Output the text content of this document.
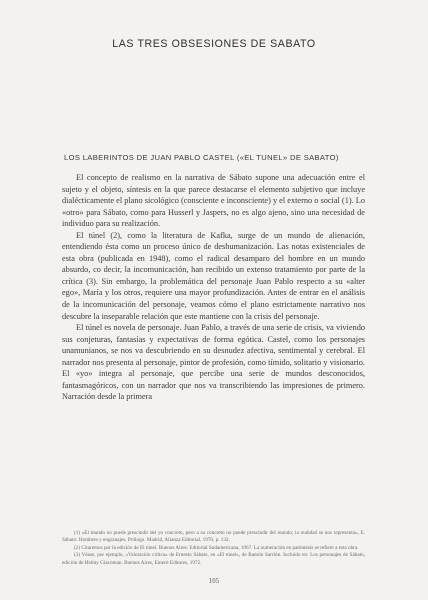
LAS TRES OBSESIONES DE SABATO
LOS LABERINTOS DE JUAN PABLO CASTEL («EL TUNEL» DE SABATO)

El concepto de realismo en la narrativa de Sábato supone una adecuación entre el sujeto y el objeto, síntesis en la que parece destacarse el elemento subjetivo que incluye dialécticamente el plano sicológico (consciente e inconsciente) y el externo o social (1). Lo «otro» para Sábato, como para Husserl y Jaspers, no es algo ajeno, sino una necesidad de individuo para su realización.

El túnel (2), como la literatura de Kafka, surge de un mundo de alienación, entendiendo ésta como un proceso único de deshumanización. Las notas existenciales de esta obra (publicada en 1948), como el radical desamparo del hombre en un mundo absurdo, co decir, la incomunicación, han recibido un extenso tratamiento por parte de la crítica (3). Sin embargo, la problemática del personaje Juan Pablo respecto a su «alter ego», María y los otros, requiere una mayor profundización. Antes de entrar en el análisis de la incomunicación del personaje, veamos cómo el plano estrictamente narrativo nos descubre la inseparable relación que este mantiene con la crisis del personaje.

El túnel es novela de personaje. Juan Pablo, a través de una serie de crisis, va viviendo sus conjeturas, fantasías y expectativas de forma egótica. Castel, como los personajes unamunianos, se nos va descubriendo en su desnudez afectiva, sentimental y cerebral. El narrador nos presenta al personaje, pintor de profesión, como tímido, solitario y visionario. El «yo» integra al personaje, que percibe una serie de mundos desconocidos, fantasmagóricos, con un narrador que nos va transcribiendo las impresiones de primero. Narración desde la primera

(1) «El mundo no puede prescindir del yo concreto, pero a su concreto no puede prescindir del mundo; la realidad se nos representa», E. Sábato: Hombres y engranajes, Prólogo. Madrid, Alianza Editorial, 1970, p. 132.

(2) Citaremos por la edición de El túnel. Buenos Aires: Editorial Sudamericana, 1967. La numeración en paréntesis se refiere a esta obra.

(3) Véase, por ejemplo, «Valoración crítica» de Ernesto Sábato, en «El túnel», de Ramón Sarrión. Incluido en: Los personajes de Sábato, edición de Helmy Giacoman. Buenos Aires, Emecé Editores, 1972.

105
